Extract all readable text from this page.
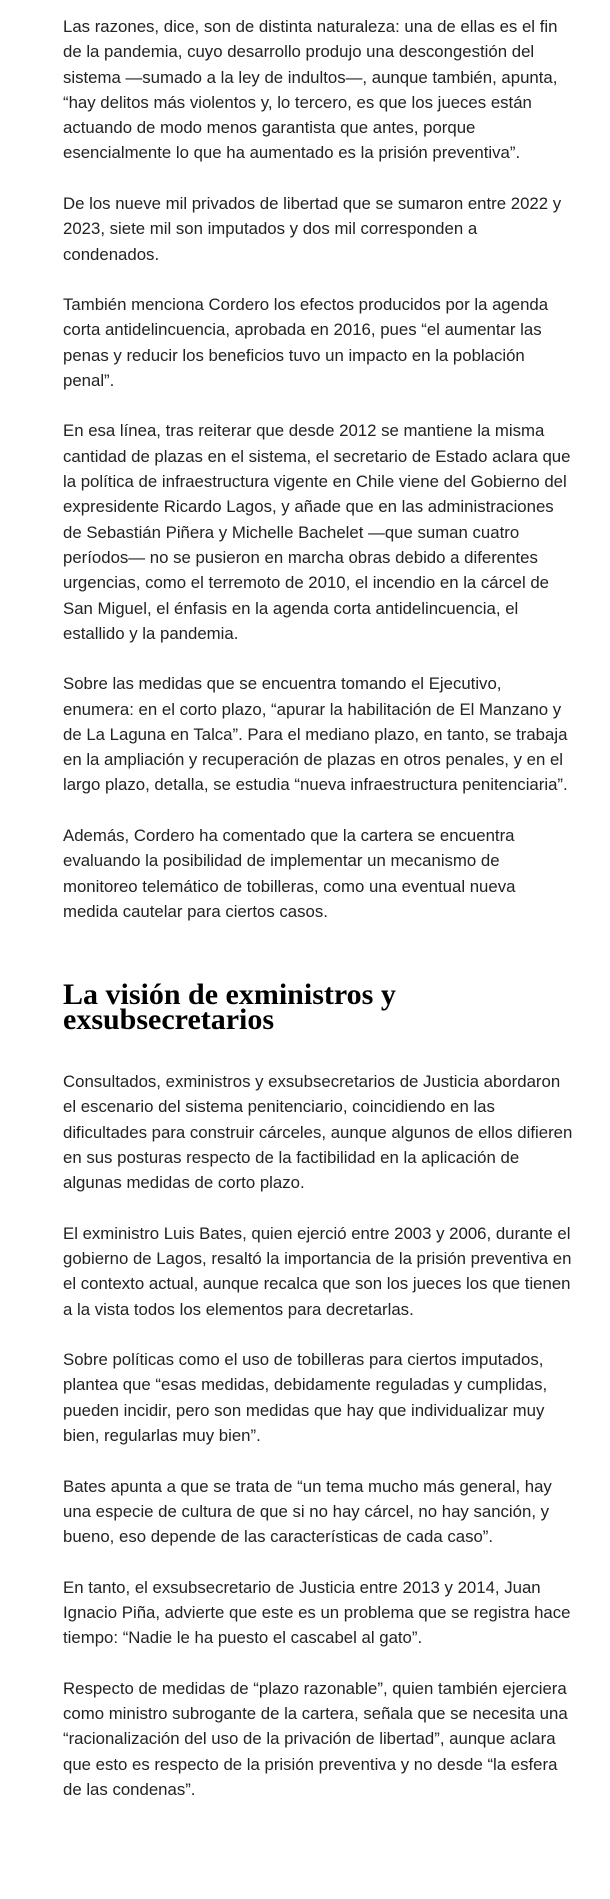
Las razones, dice, son de distinta naturaleza: una de ellas es el fin de la pandemia, cuyo desarrollo produjo una descongestión del sistema —sumado a la ley de indultos—, aunque también, apunta, “hay delitos más violentos y, lo tercero, es que los jueces están actuando de modo menos garantista que antes, porque esencialmente lo que ha aumentado es la prisión preventiva”.

De los nueve mil privados de libertad que se sumaron entre 2022 y 2023, siete mil son imputados y dos mil corresponden a condenados.

También menciona Cordero los efectos producidos por la agenda corta antidelincuencia, aprobada en 2016, pues “el aumentar las penas y reducir los beneficios tuvo un impacto en la población penal”.

En esa línea, tras reiterar que desde 2012 se mantiene la misma cantidad de plazas en el sistema, el secretario de Estado aclara que la política de infraestructura vigente en Chile viene del Gobierno del expresidente Ricardo Lagos, y añade que en las administraciones de Sebastián Piñera y Michelle Bachelet —que suman cuatro períodos— no se pusieron en marcha obras debido a diferentes urgencias, como el terremoto de 2010, el incendio en la cárcel de San Miguel, el énfasis en la agenda corta antidelincuencia, el estallido y la pandemia.

Sobre las medidas que se encuentra tomando el Ejecutivo, enumera: en el corto plazo, “apurar la habilitación de El Manzano y de La Laguna en Talca”. Para el mediano plazo, en tanto, se trabaja en la ampliación y recuperación de plazas en otros penales, y en el largo plazo, detalla, se estudia “nueva infraestructura penitenciaria”.

Además, Cordero ha comentado que la cartera se encuentra evaluando la posibilidad de implementar un mecanismo de monitoreo telemático de tobilleras, como una eventual nueva medida cautelar para ciertos casos.

La visión de exministros y exsubsecretarios

Consultados, exministros y exsubsecretarios de Justicia abordaron el escenario del sistema penitenciario, coincidiendo en las dificultades para construir cárceles, aunque algunos de ellos difieren en sus posturas respecto de la factibilidad en la aplicación de algunas medidas de corto plazo.

El exministro Luis Bates, quien ejerció entre 2003 y 2006, durante el gobierno de Lagos, resaltó la importancia de la prisión preventiva en el contexto actual, aunque recalca que son los jueces los que tienen a la vista todos los elementos para decretarlas.

Sobre políticas como el uso de tobilleras para ciertos imputados, plantea que “esas medidas, debidamente reguladas y cumplidas, pueden incidir, pero son medidas que hay que individualizar muy bien, regularlas muy bien”.

Bates apunta a que se trata de “un tema mucho más general, hay una especie de cultura de que si no hay cárcel, no hay sanción, y bueno, eso depende de las características de cada caso”.

En tanto, el exsubsecretario de Justicia entre 2013 y 2014, Juan Ignacio Piña, advierte que este es un problema que se registra hace tiempo: “Nadie le ha puesto el cascabel al gato”.

Respecto de medidas de “plazo razonable”, quien también ejerciera como ministro subrogante de la cartera, señala que se necesita una “racionalización del uso de la privación de libertad”, aunque aclara que esto es respecto de la prisión preventiva y no desde “la esfera de las condenas”.
